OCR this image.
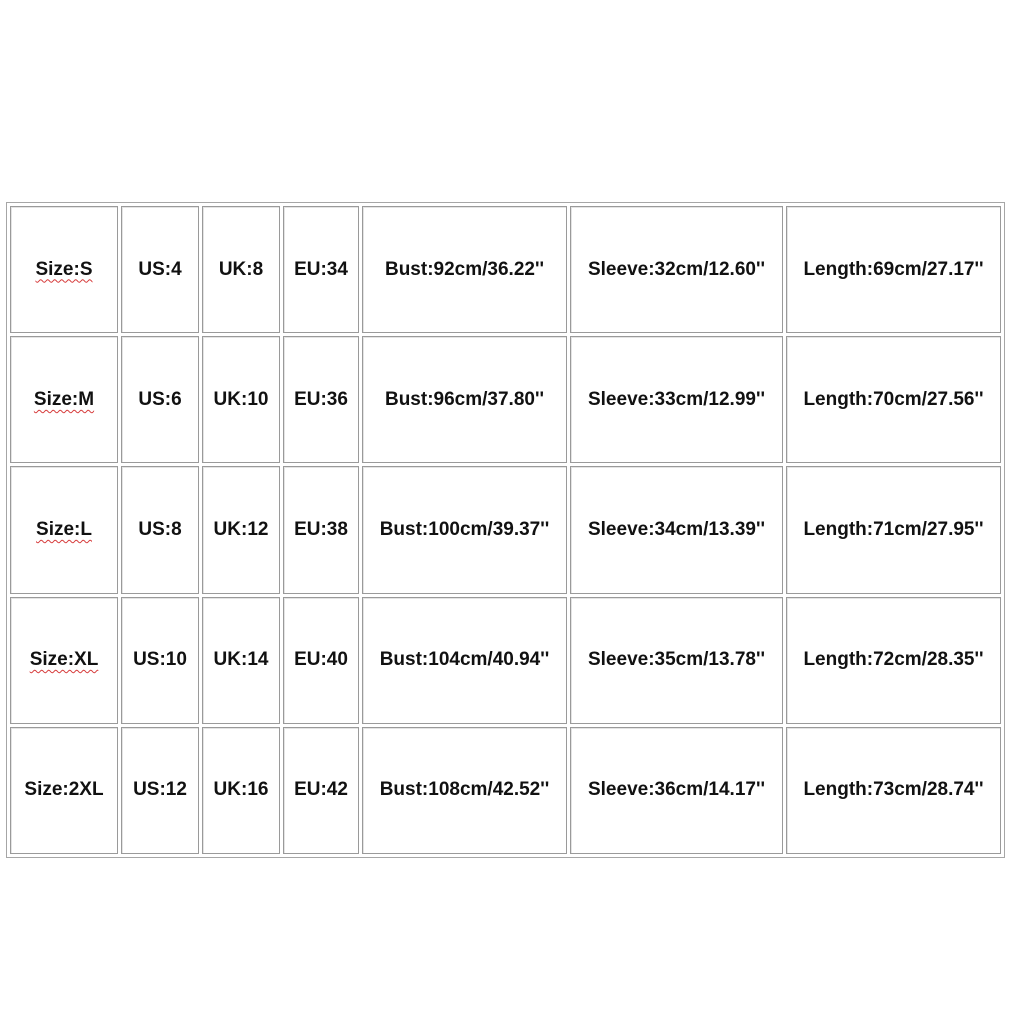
Size:S	US:4	UK:8	EU:34	Bust:92cm/36.22''	Sleeve:32cm/12.60''	Length:69cm/27.17''
Size:M	US:6	UK:10	EU:36	Bust:96cm/37.80''	Sleeve:33cm/12.99''	Length:70cm/27.56''
Size:L	US:8	UK:12	EU:38	Bust:100cm/39.37''	Sleeve:34cm/13.39''	Length:71cm/27.95''
Size:XL	US:10	UK:14	EU:40	Bust:104cm/40.94''	Sleeve:35cm/13.78''	Length:72cm/28.35''
Size:2XL	US:12	UK:16	EU:42	Bust:108cm/42.52''	Sleeve:36cm/14.17''	Length:73cm/28.74''
